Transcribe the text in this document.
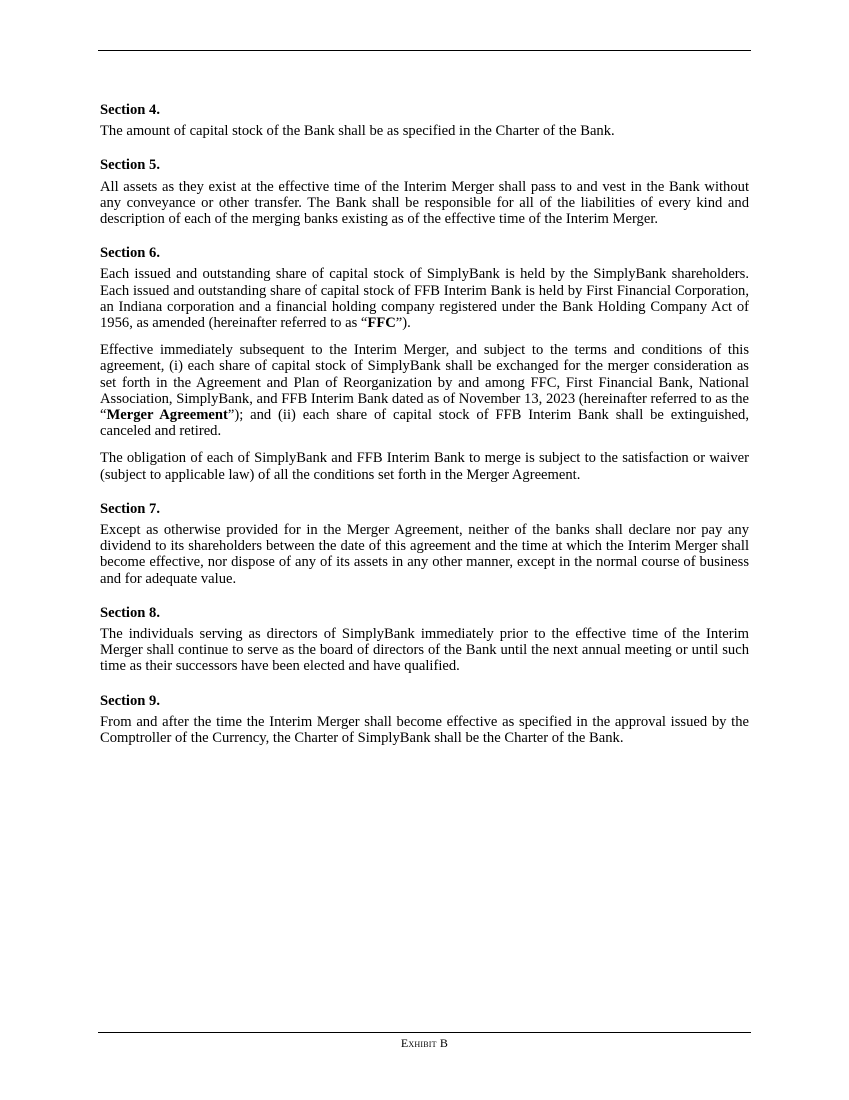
Section 4.

The amount of capital stock of the Bank shall be as specified in the Charter of the Bank.

Section 5.

All assets as they exist at the effective time of the Interim Merger shall pass to and vest in the Bank without any conveyance or other transfer. The Bank shall be responsible for all of the liabilities of every kind and description of each of the merging banks existing as of the effective time of the Interim Merger.

Section 6.

Each issued and outstanding share of capital stock of SimplyBank is held by the SimplyBank shareholders. Each issued and outstanding share of capital stock of FFB Interim Bank is held by First Financial Corporation, an Indiana corporation and a financial holding company registered under the Bank Holding Company Act of 1956, as amended (hereinafter referred to as “FFC”).

Effective immediately subsequent to the Interim Merger, and subject to the terms and conditions of this agreement, (i) each share of capital stock of SimplyBank shall be exchanged for the merger consideration as set forth in the Agreement and Plan of Reorganization by and among FFC, First Financial Bank, National Association, SimplyBank, and FFB Interim Bank dated as of November 13, 2023 (hereinafter referred to as the “Merger Agreement”); and (ii) each share of capital stock of FFB Interim Bank shall be extinguished, canceled and retired.

The obligation of each of SimplyBank and FFB Interim Bank to merge is subject to the satisfaction or waiver (subject to applicable law) of all the conditions set forth in the Merger Agreement.

Section 7.

Except as otherwise provided for in the Merger Agreement, neither of the banks shall declare nor pay any dividend to its shareholders between the date of this agreement and the time at which the Interim Merger shall become effective, nor dispose of any of its assets in any other manner, except in the normal course of business and for adequate value.

Section 8.

The individuals serving as directors of SimplyBank immediately prior to the effective time of the Interim Merger shall continue to serve as the board of directors of the Bank until the next annual meeting or until such time as their successors have been elected and have qualified.

Section 9.

From and after the time the Interim Merger shall become effective as specified in the approval issued by the Comptroller of the Currency, the Charter of SimplyBank shall be the Charter of the Bank.

Exhibit B
